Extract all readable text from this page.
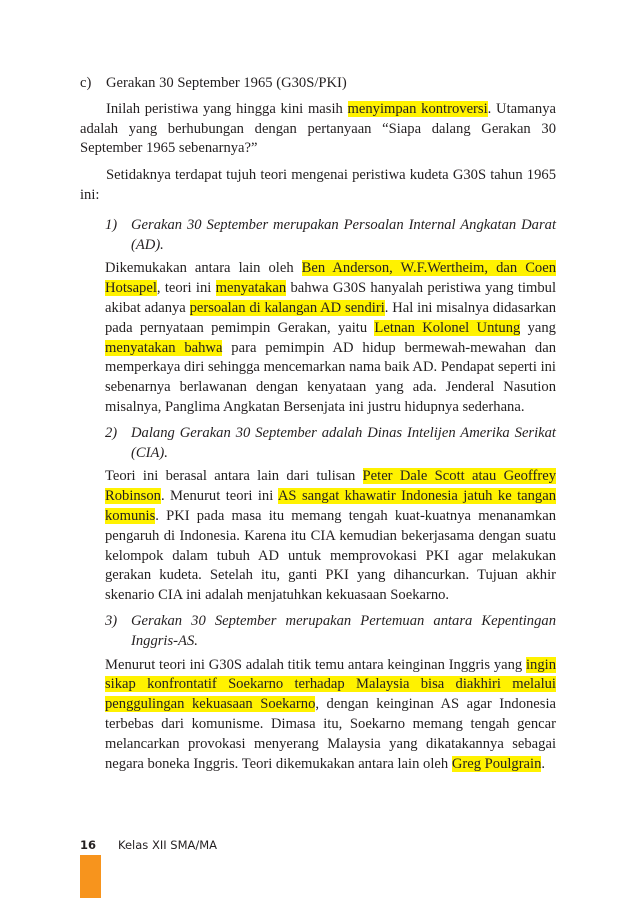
c)	Gerakan 30 September 1965 (G30S/PKI)

Inilah peristiwa yang hingga kini masih menyimpan kontroversi. Utamanya adalah yang berhubungan dengan pertanyaan “Siapa dalang Gerakan 30 September 1965 sebenarnya?”

Setidaknya terdapat tujuh teori mengenai peristiwa kudeta G30S tahun 1965 ini:

1) Gerakan 30 September merupakan Persoalan Internal Angkatan Darat (AD).

Dikemukakan antara lain oleh Ben Anderson, W.F.Wertheim, dan Coen Hotsapel, teori ini menyatakan bahwa G30S hanyalah peristiwa yang timbul akibat adanya persoalan di kalangan AD sendiri. Hal ini misalnya didasarkan pada pernyataan pemimpin Gerakan, yaitu Letnan Kolonel Untung yang menyatakan bahwa para pemimpin AD hidup bermewah-mewahan dan memperkaya diri sehingga mencemarkan nama baik AD. Pendapat seperti ini sebenarnya berlawanan dengan kenyataan yang ada. Jenderal Nasution misalnya, Panglima Angkatan Bersenjata ini justru hidupnya sederhana.

2) Dalang Gerakan 30 September adalah Dinas Intelijen Amerika Serikat (CIA).

Teori ini berasal antara lain dari tulisan Peter Dale Scott atau Geoffrey Robinson. Menurut teori ini AS sangat khawatir Indonesia jatuh ke tangan komunis. PKI pada masa itu memang tengah kuat-kuatnya menanamkan pengaruh di Indonesia. Karena itu CIA kemudian bekerjasama dengan suatu kelompok dalam tubuh AD untuk memprovokasi PKI agar melakukan gerakan kudeta. Setelah itu, ganti PKI yang dihancurkan. Tujuan akhir skenario CIA ini adalah menjatuhkan kekuasaan Soekarno.

3) Gerakan 30 September merupakan Pertemuan antara Kepentingan Inggris-AS.

Menurut teori ini G30S adalah titik temu antara keinginan Inggris yang ingin sikap konfrontatif Soekarno terhadap Malaysia bisa diakhiri melalui penggulingan kekuasaan Soekarno, dengan keinginan AS agar Indonesia terbebas dari komunisme. Dimasa itu, Soekarno memang tengah gencar melancarkan provokasi menyerang Malaysia yang dikatakannya sebagai negara boneka Inggris. Teori dikemukakan antara lain oleh Greg Poulgrain.

16 Kelas XII SMA/MA
